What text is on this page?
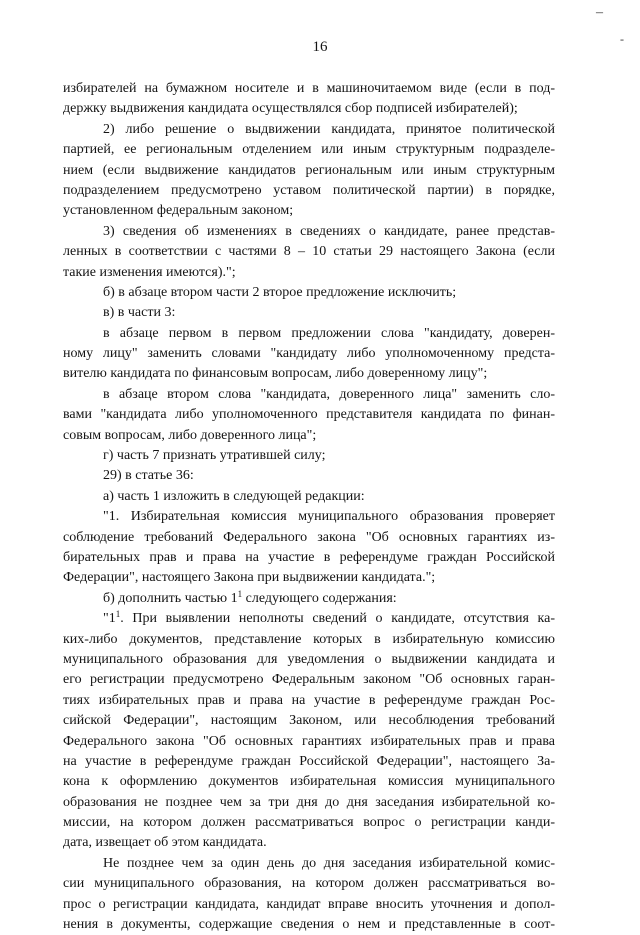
16
–
‑
избирателей на бумажном носителе и в машиночитаемом виде (если в под-
держку выдвижения кандидата осуществлялся сбор подписей избирателей);
2) либо решение о выдвижении кандидата, принятое политической
партией, ее региональным отделением или иным структурным подразделе-
нием (если выдвижение кандидатов региональным или иным структурным
подразделением предусмотрено уставом политической партии) в порядке,
установленном федеральным законом;
3) сведения об изменениях в сведениях о кандидате, ранее представ-
ленных в соответствии с частями 8 – 10 статьи 29 настоящего Закона (если
такие изменения имеются).";
б) в абзаце втором части 2 второе предложение исключить;
в) в части 3:
в абзаце первом в первом предложении слова "кандидату, доверен-
ному лицу" заменить словами "кандидату либо уполномоченному предста-
вителю кандидата по финансовым вопросам, либо доверенному лицу";
в абзаце втором слова "кандидата, доверенного лица" заменить сло-
вами "кандидата либо уполномоченного представителя кандидата по финан-
совым вопросам, либо доверенного лица";
г) часть 7 признать утратившей силу;
29) в статье 36:
а) часть 1 изложить в следующей редакции:
"1. Избирательная комиссия муниципального образования проверяет
соблюдение требований Федерального закона "Об основных гарантиях из-
бирательных прав и права на участие в референдуме граждан Российской
Федерации", настоящего Закона при выдвижении кандидата.";
б) дополнить частью $1^1$ следующего содержания:
"$1^1$. При выявлении неполноты сведений о кандидате, отсутствия ка-
ких-либо документов, представление которых в избирательную комиссию
муниципального образования для уведомления о выдвижении кандидата и
его регистрации предусмотрено Федеральным законом "Об основных гаран-
тиях избирательных прав и права на участие в референдуме граждан Рос-
сийской Федерации", настоящим Законом, или несоблюдения требований
Федерального закона "Об основных гарантиях избирательных прав и права
на участие в референдуме граждан Российской Федерации", настоящего За-
кона к оформлению документов избирательная комиссия муниципального
образования не позднее чем за три дня до дня заседания избирательной ко-
миссии, на котором должен рассматриваться вопрос о регистрации канди-
дата, извещает об этом кандидата.
Не позднее чем за один день до дня заседания избирательной комис-
сии муниципального образования, на котором должен рассматриваться во-
прос о регистрации кандидата, кандидат вправе вносить уточнения и допол-
нения в документы, содержащие сведения о нем и представленные в соот-
